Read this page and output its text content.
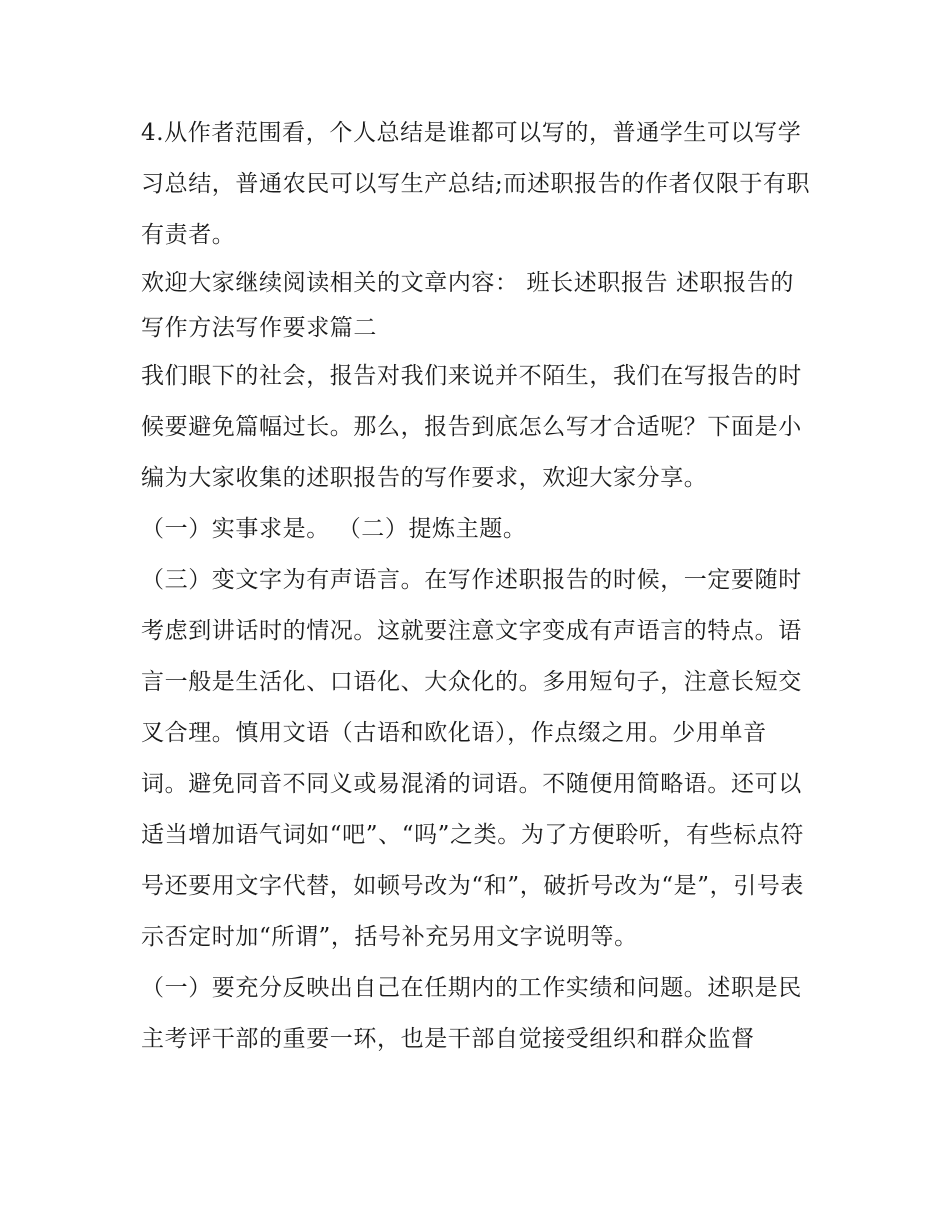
4.从作者范围看，个人总结是谁都可以写的，普通学生可以写学习总结，普通农民可以写生产总结;而述职报告的作者仅限于有职有责者。

欢迎大家继续阅读相关的文章内容： 班长述职报告 述职报告的写作方法写作要求篇二

我们眼下的社会，报告对我们来说并不陌生，我们在写报告的时候要避免篇幅过长。那么，报告到底怎么写才合适呢？下面是小编为大家收集的述职报告的写作要求，欢迎大家分享。

（一）实事求是。 （二）提炼主题。

（三）变文字为有声语言。在写作述职报告的时候，一定要随时考虑到讲话时的情况。这就要注意文字变成有声语言的特点。语言一般是生活化、口语化、大众化的。多用短句子，注意长短交叉合理。慎用文语（古语和欧化语），作点缀之用。少用单音词。避免同音不同义或易混淆的词语。不随便用简略语。还可以适当增加语气词如“吧”、“吗”之类。为了方便聆听，有些标点符号还要用文字代替，如顿号改为“和”，破折号改为“是”，引号表示否定时加“所谓”，括号补充另用文字说明等。

（一）要充分反映出自己在任期内的工作实绩和问题。述职是民主考评干部的重要一环，也是干部自觉接受组织和群众监督
